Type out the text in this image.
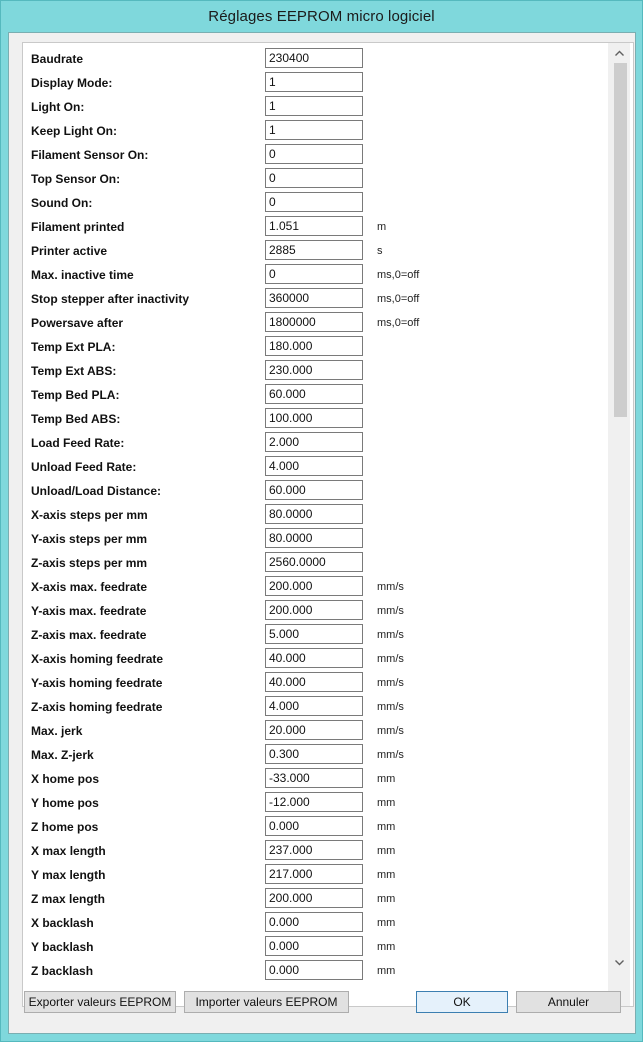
Réglages EEPROM micro logiciel
Baudrate	230400
Display Mode:	1
Light On:	1
Keep Light On:	1
Filament Sensor On:	0
Top Sensor On:	0
Sound On:	0
Filament printed	1.051	m
Printer active	2885	s
Max. inactive time	0	ms,0=off
Stop stepper after inactivity	360000	ms,0=off
Powersave after	1800000	ms,0=off
Temp Ext PLA:	180.000
Temp Ext ABS:	230.000
Temp Bed PLA:	60.000
Temp Bed ABS:	100.000
Load Feed Rate:	2.000
Unload Feed Rate:	4.000
Unload/Load Distance:	60.000
X-axis steps per mm	80.0000
Y-axis steps per mm	80.0000
Z-axis steps per mm	2560.0000
X-axis max. feedrate	200.000	mm/s
Y-axis max. feedrate	200.000	mm/s
Z-axis max. feedrate	5.000	mm/s
X-axis homing feedrate	40.000	mm/s
Y-axis homing feedrate	40.000	mm/s
Z-axis homing feedrate	4.000	mm/s
Max. jerk	20.000	mm/s
Max. Z-jerk	0.300	mm/s
X home pos	-33.000	mm
Y home pos	-12.000	mm
Z home pos	0.000	mm
X max length	237.000	mm
Y max length	217.000	mm
Z max length	200.000	mm
X backlash	0.000	mm
Y backlash	0.000	mm
Z backlash	0.000	mm
Exporter valeurs EEPROM	Importer valeurs EEPROM	OK	Annuler
